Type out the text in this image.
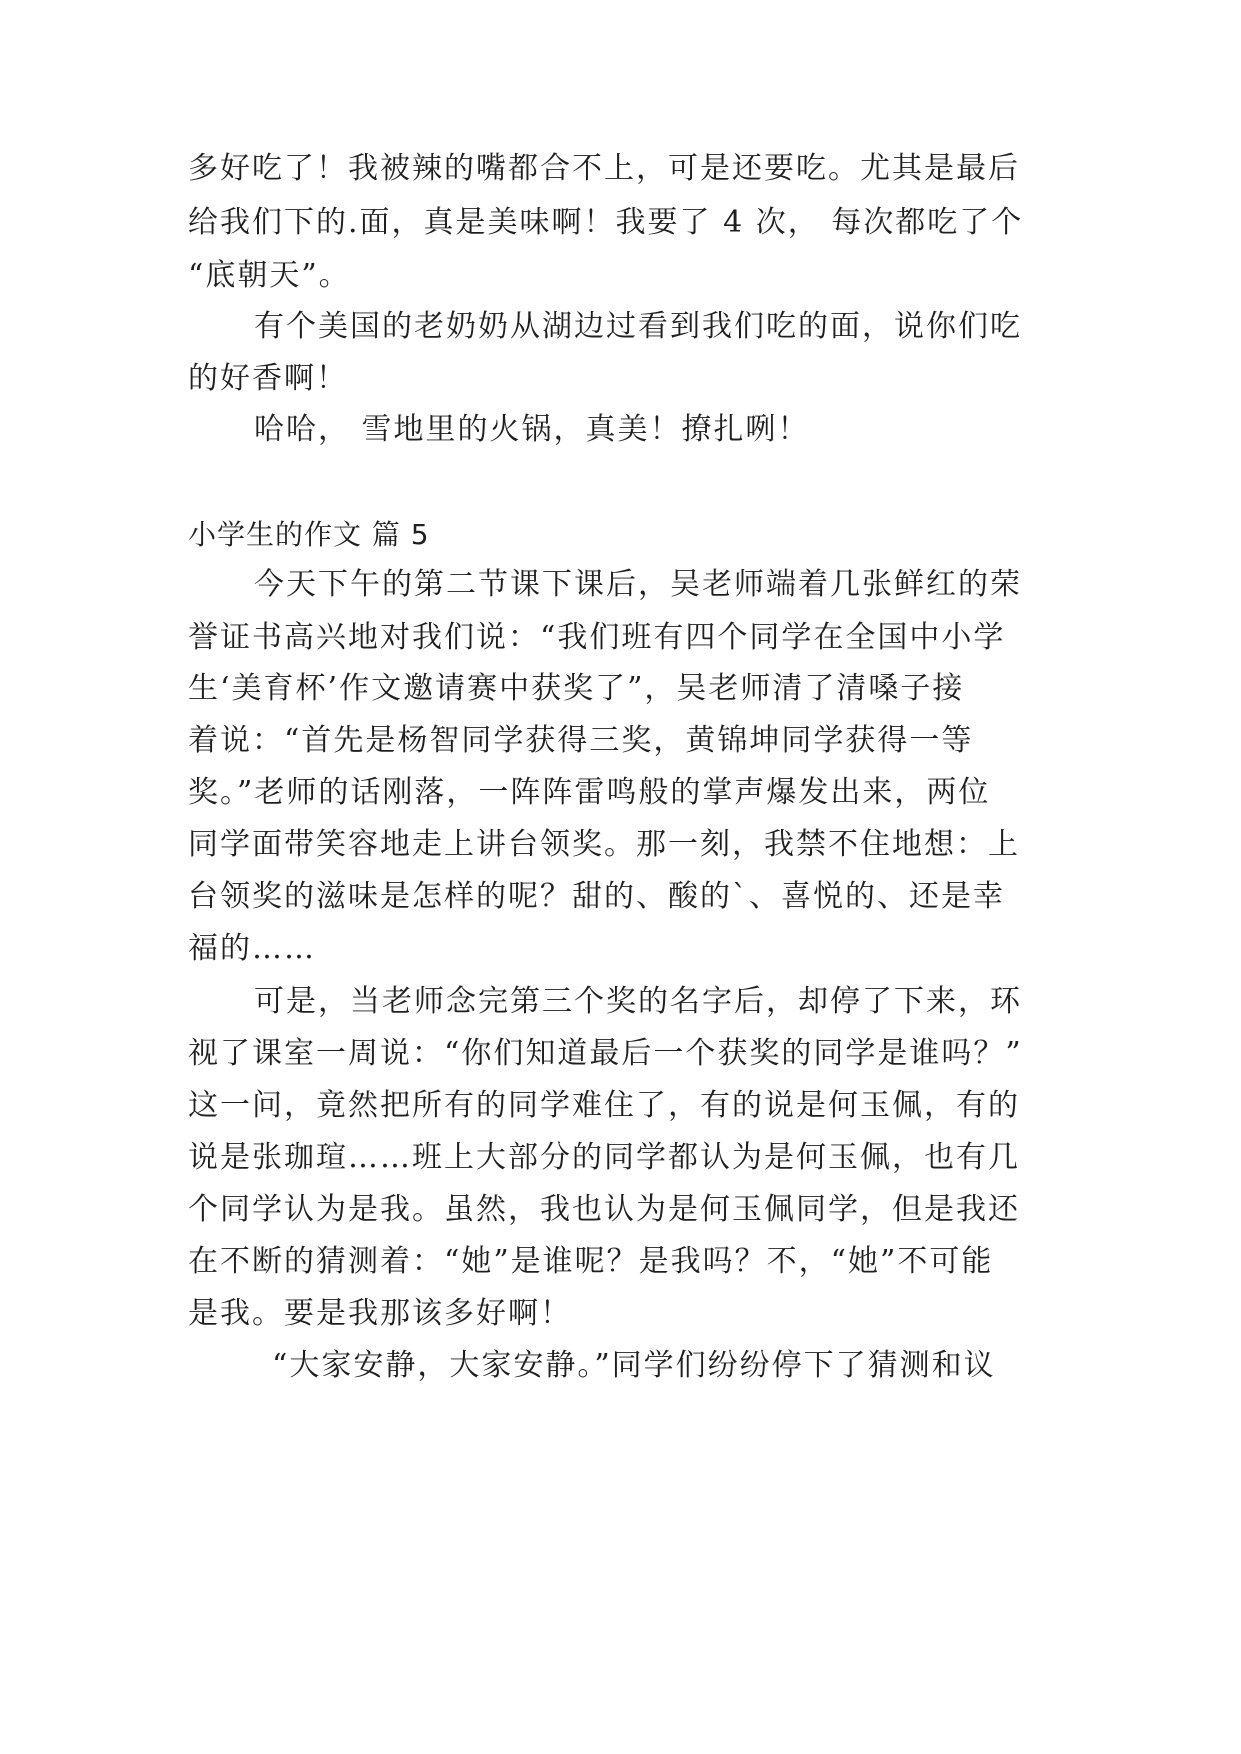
多好吃了！我被辣的嘴都合不上，可是还要吃。尤其是最后
给我们下的.面，真是美味啊！我要了 4 次， 每次都吃了个
“底朝天”。
有个美国的老奶奶从湖边过看到我们吃的面，说你们吃
的好香啊！
哈哈， 雪地里的火锅，真美！撩扎咧！
小学生的作文 篇 5
今天下午的第二节课下课后，吴老师端着几张鲜红的荣
誉证书高兴地对我们说：“我们班有四个同学在全国中小学
生‘美育杯’作文邀请赛中获奖了”，吴老师清了清嗓子接
着说：“首先是杨智同学获得三奖，黄锦坤同学获得一等
奖。”老师的话刚落，一阵阵雷鸣般的掌声爆发出来，两位
同学面带笑容地走上讲台领奖。那一刻，我禁不住地想：上
台领奖的滋味是怎样的呢？甜的、酸的`、喜悦的、还是幸
福的……
可是，当老师念完第三个奖的名字后，却停了下来，环
视了课室一周说：“你们知道最后一个获奖的同学是谁吗？”
这一问，竟然把所有的同学难住了，有的说是何玉佩，有的
说是张珈瑄……班上大部分的同学都认为是何玉佩，也有几
个同学认为是我。虽然，我也认为是何玉佩同学，但是我还
在不断的猜测着：“她”是谁呢？是我吗？不，“她”不可能
是我。要是我那该多好啊！
“大家安静，大家安静。”同学们纷纷停下了猜测和议
